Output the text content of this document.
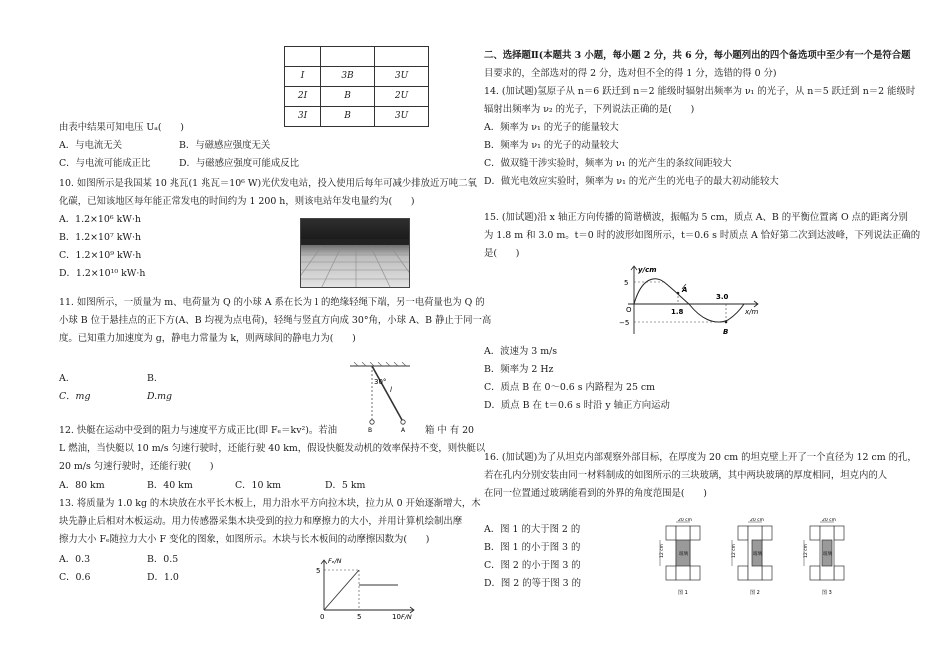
I	3B	3U
2I	B	2U
3I	B	3U
由表中结果可知电压 Uₐ(　　)
A．与电流无关	B．与磁感应强度无关
C．与电流可能成正比	D．与磁感应强度可能成反比
10. 如图所示是我国某 10 兆瓦(1 兆瓦＝10⁶ W)光伏发电站，投入使用后每年可减少排放近万吨二氧
化碳，已知该地区每年能正常发电的时间约为 1 200 h，则该电站年发电量约为(　　)
A．1.2×10⁶ kW·h
B．1.2×10⁷ kW·h
C．1.2×10⁹ kW·h
D．1.2×10¹⁰ kW·h
11. 如图所示，一质量为 m、电荷量为 Q 的小球 A 系在长为 l 的绝缘轻绳下端，另一电荷量也为 Q 的
小球 B 位于悬挂点的正下方(A、B 均视为点电荷)，轻绳与竖直方向成 30°角，小球 A、B 静止于同一高
度。已知重力加速度为 g，静电力常量为 k，则两球间的静电力为(　　)
A.	B.
C．mg	D.mg
30°
l
B	A
12. 快艇在运动中受到的阻力与速度平方成正比(即 Fₑ＝kv²)。若油	箱 中 有 20
L 燃油，当快艇以 10 m/s 匀速行驶时，还能行驶 40 km，假设快艇发动机的效率保持不变，则快艇以
20 m/s 匀速行驶时，还能行驶(　　)
A．80 km	B．40 km	C．10 km	D．5 km
13. 将质量为 1.0 kg 的木块放在水平长木板上，用力沿水平方向拉木块，拉力从 0 开始逐渐增大，木
块先静止后相对木板运动。用力传感器采集木块受到的拉力和摩擦力的大小，并用计算机绘制出摩
擦力大小 Fₑ随拉力大小 F 变化的图象，如图所示。木块与长木板间的动摩擦因数为(　　)
A．0.3	B．0.5
C．0.6	D．1.0
Fₑ/N
5
0	5	10 F/N
二、选择题Ⅱ(本题共 3 小题，每小题 2 分，共 6 分，每小题列出的四个备选项中至少有一个是符合题
目要求的，全部选对的得 2 分，选对但不全的得 1 分，选错的得 0 分)
14. (加试题)氢原子从 n＝6 跃迁到 n＝2 能级时辐射出频率为 ν₁ 的光子，从 n＝5 跃迁到 n＝2 能级时
辐射出频率为 ν₂ 的光子，下列说法正确的是(　　)
A．频率为 ν₁ 的光子的能量较大
B．频率为 ν₁ 的光子的动量较大
C．做双缝干涉实验时，频率为 ν₁ 的光产生的条纹间距较大
D．做光电效应实验时，频率为 ν₁ 的光产生的光电子的最大初动能较大
15. (加试题)沿 x 轴正方向传播的简谐横波，振幅为 5 cm，质点 A、B 的平衡位置离 O 点的距离分别
为 1.8 m 和 3.0 m。t＝0 时的波形如图所示，t＝0.6 s 时质点 A 恰好第二次到达波峰，下列说法正确的
是(　　)
y/cm
5
−5
O	1.8
3.0
x/m
A
B
A．波速为 3 m/s
B．频率为 2 Hz
C．质点 B 在 0～0.6 s 内路程为 25 cm
D．质点 B 在 t＝0.6 s 时沿 y 轴正方向运动
16. (加试题)为了从坦克内部观察外部目标，在厚度为 20 cm 的坦克壁上开了一个直径为 12 cm 的孔，
若在孔内分别安装由同一材料制成的如图所示的三块玻璃，其中两块玻璃的厚度相同，坦克内的人
在同一位置通过玻璃能看到的外界的角度范围是(　　)
A．图 1 的大于图 2 的
B．图 1 的小于图 3 的
C．图 2 的小于图 3 的
D．图 2 的等于图 3 的
20 cm
12 cm	玻璃
图 1
20 cm
12 cm	玻璃
图 2
20 cm
12 cm	玻璃
图 3
